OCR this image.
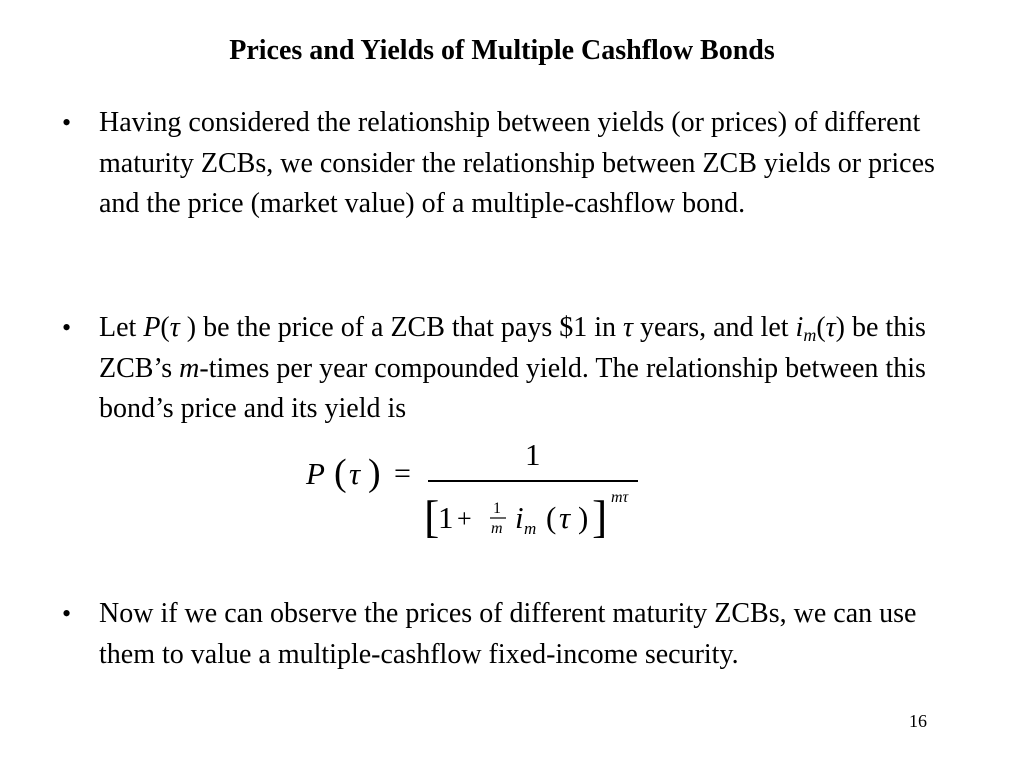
Prices and Yields of Multiple Cashflow Bonds
• Having considered the relationship between yields (or prices) of different maturity ZCBs, we consider the relationship between ZCB yields or prices and the price (market value) of a multiple-cashflow bond.
• Let P(τ ) be the price of a ZCB that pays $1 in τ years, and let $i_m(\tau)$ be this ZCB’s m-times per year compounded yield. The relationship between this bond’s price and its yield is
P ( τ ) =
1
[
1 + 1
m i m ( τ ) ] mτ
• Now if we can observe the prices of different maturity ZCBs, we can use them to value a multiple-cashflow fixed-income security.
16
